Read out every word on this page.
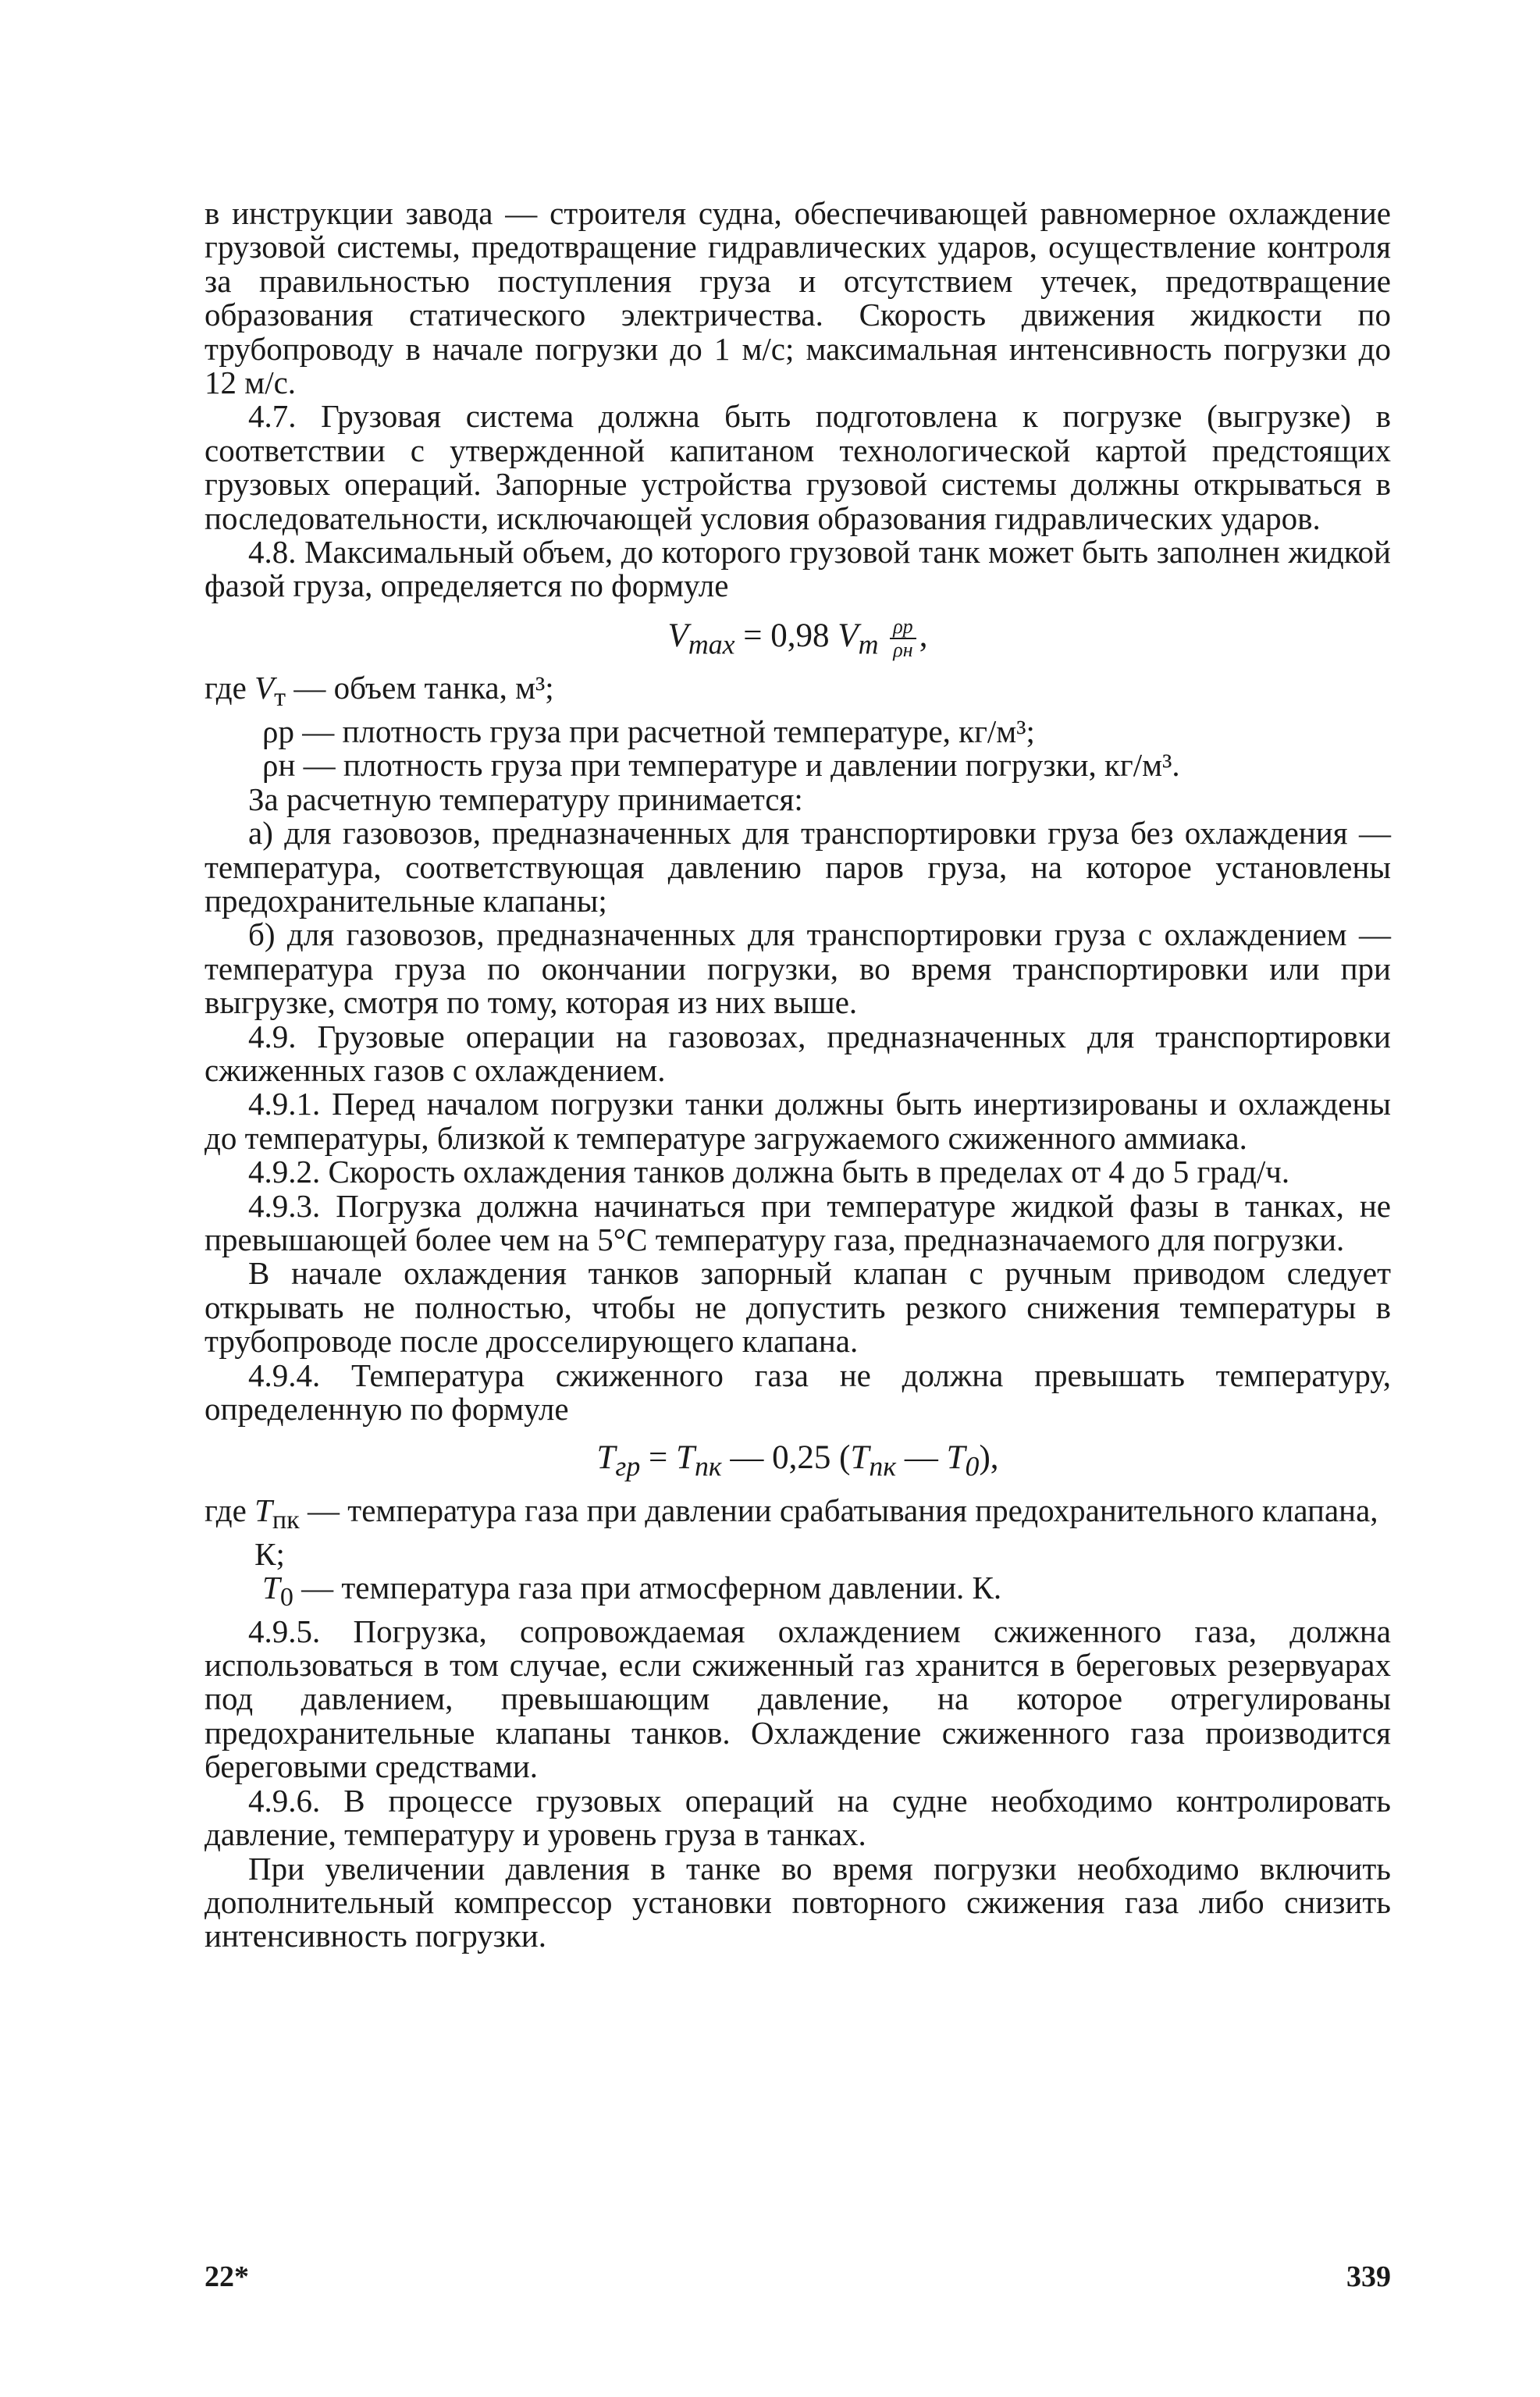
в инструкции завода — строителя судна, обеспечивающей равномерное охлаждение грузовой системы, предотвращение гидравлических ударов, осуществление контроля за правильностью поступления груза и отсутствием утечек, предотвращение образования статического электричества. Скорость движения жидкости по трубопроводу в начале погрузки до 1 м/с; максимальная интенсивность погрузки до 12 м/с.

4.7. Грузовая система должна быть подготовлена к погрузке (выгрузке) в соответствии с утвержденной капитаном технологической картой предстоящих грузовых операций. Запорные устройства грузовой системы должны открываться в последовательности, исключающей условия образования гидравлических ударов.

4.8. Максимальный объем, до которого грузовой танк может быть заполнен жидкой фазой груза, определяется по формуле

$V_{max} = 0,98$ $V_т \frac{\rho р}{\rho н}$ ,
где $V_т$ — объем танка, м³;
ρр — плотность груза при расчетной температуре, кг/м³;
ρн — плотность груза при температуре и давлении погрузки, кг/м³.

За расчетную температуру принимается:

а) для газовозов, предназначенных для транспортировки груза без охлаждения — температура, соответствующая давлению паров груза, на которое установлены предохранительные клапаны;

б) для газовозов, предназначенных для транспортировки груза с охлаждением — температура груза по окончании погрузки, во время транспортировки или при выгрузке, смотря по тому, которая из них выше.

4.9. Грузовые операции на газовозах, предназначенных для транспортировки сжиженных газов с охлаждением.

4.9.1. Перед началом погрузки танки должны быть инертизированы и охлаждены до температуры, близкой к температуре загружаемого сжиженного аммиака.

4.9.2. Скорость охлаждения танков должна быть в пределах от 4 до 5 град/ч.

4.9.3. Погрузка должна начинаться при температуре жидкой фазы в танках, не превышающей более чем на 5°С температуру газа, предназначаемого для погрузки.

В начале охлаждения танков запорный клапан с ручным приводом следует открывать не полностью, чтобы не допустить резкого снижения температуры в трубопроводе после дросселирующего клапана.

4.9.4. Температура сжиженного газа не должна превышать температуру, определенную по формуле

$T_{гр} = T_{пк}$ — 0,25 ($T_{пк}$ — $T_0$),
где $T_{пк}$ — температура газа при давлении срабатывания предохранительного клапана, К;
$T_0$ — температура газа при атмосферном давлении. К.

4.9.5. Погрузка, сопровождаемая охлаждением сжиженного газа, должна использоваться в том случае, если сжиженный газ хранится в береговых резервуарах под давлением, превышающим давление, на которое отрегулированы предохранительные клапаны танков. Охлаждение сжиженного газа производится береговыми средствами.

4.9.6. В процессе грузовых операций на судне необходимо контролировать давление, температуру и уровень груза в танках.

При увеличении давления в танке во время погрузки необходимо включить дополнительный компрессор установки повторного сжижения газа либо снизить интенсивность погрузки.

22*	339
